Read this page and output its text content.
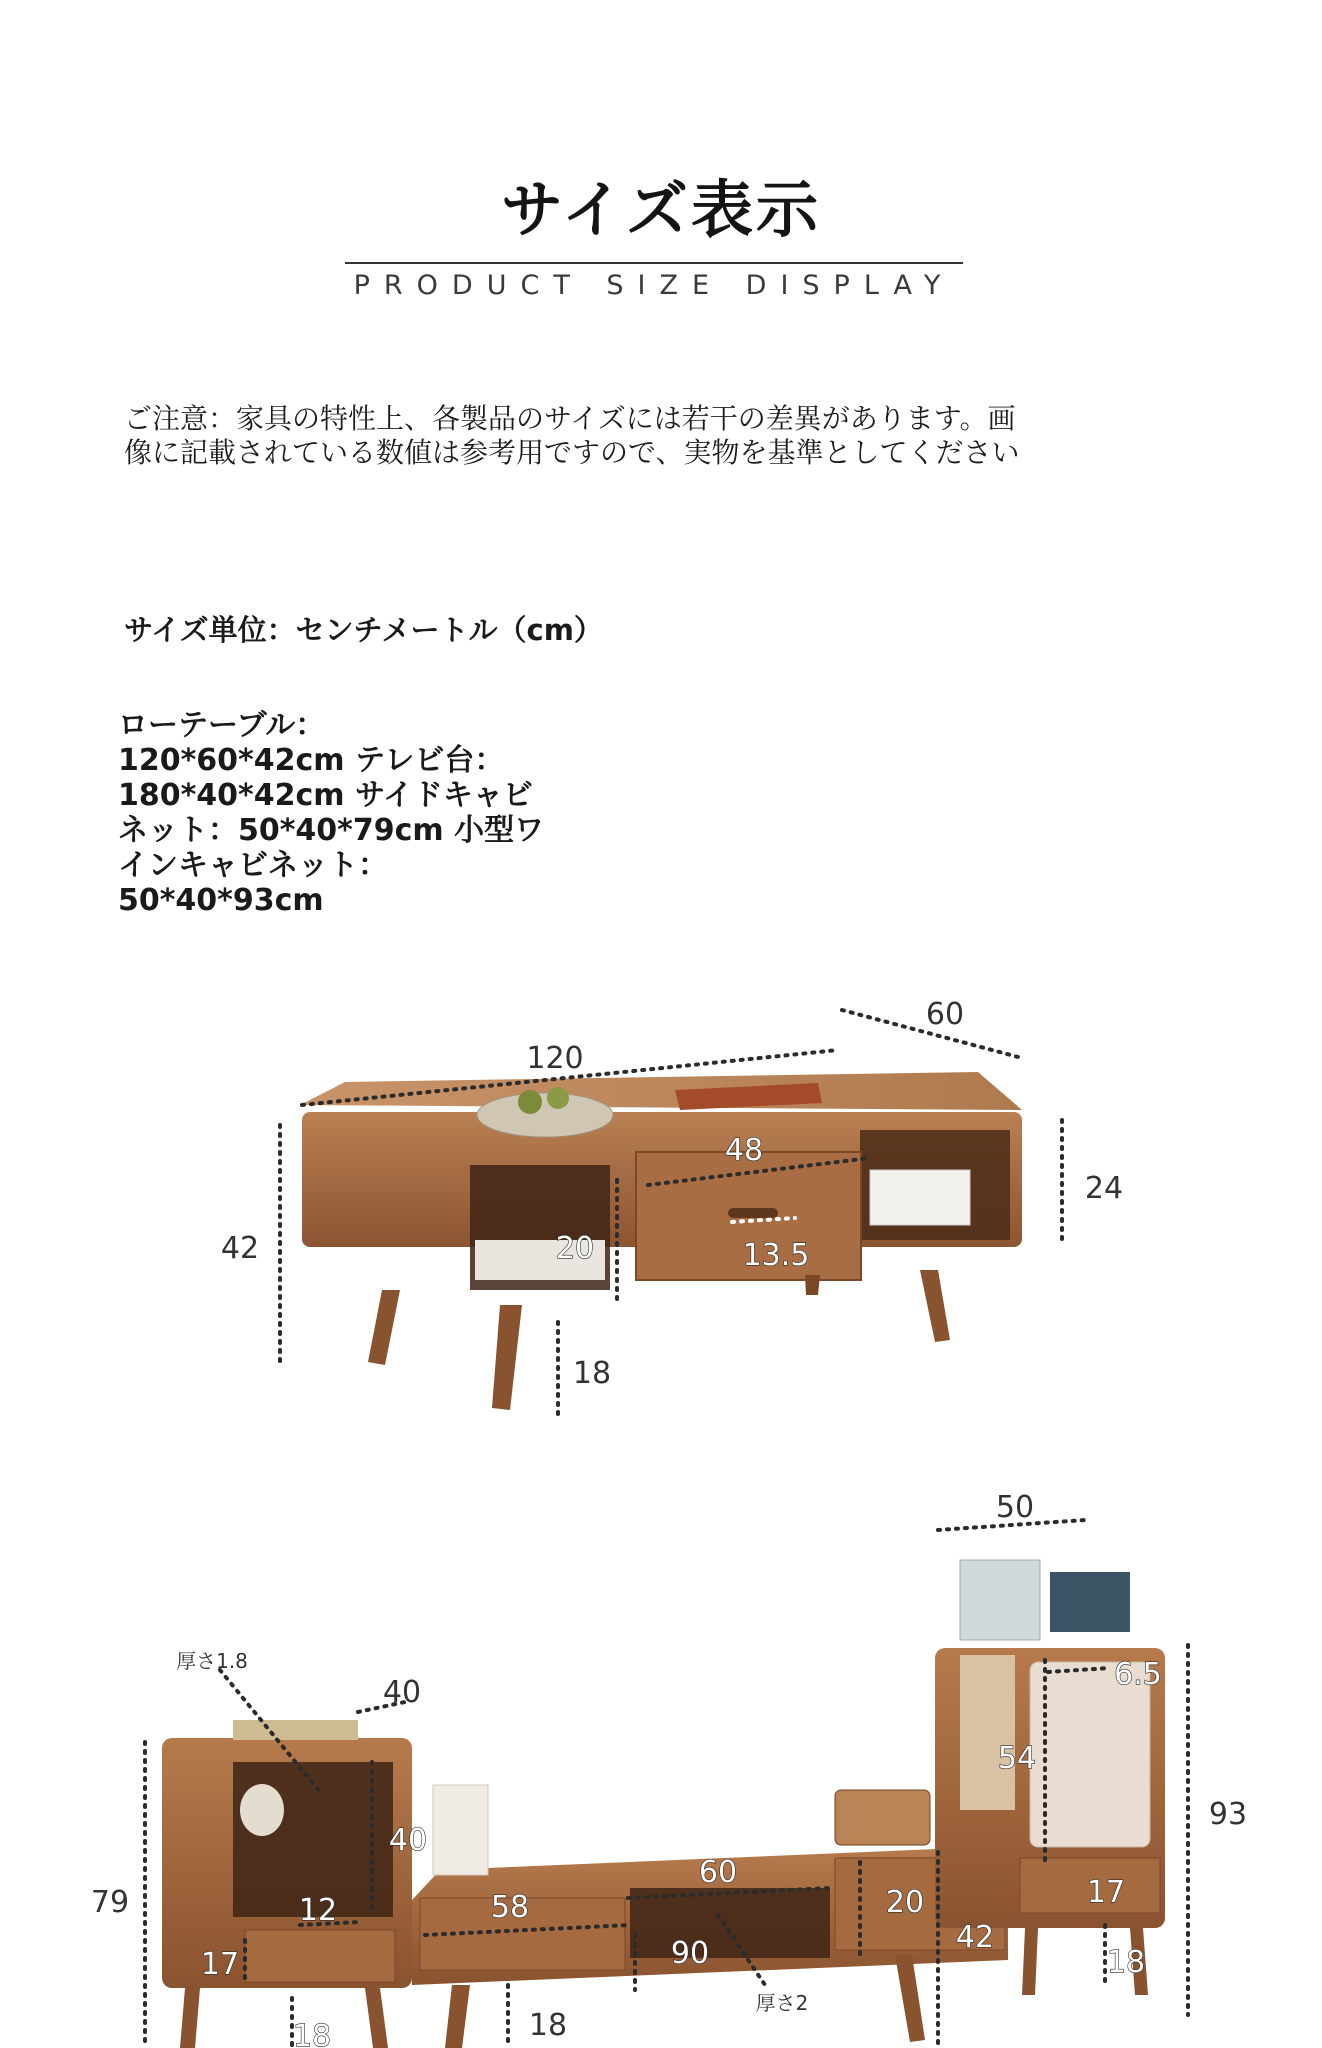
サイズ表示
PRODUCT SIZE DISPLAY
ご注意：家具の特性上、各製品のサイズには若干の差異があります。画像に記載されている数値は参考用ですので、実物を基準としてください
サイズ単位：センチメートル（cm）
ローテーブル：120*60*42cm テレビ台：180*40*42cm サイドキャビネット：50*40*79cm 小型ワインキャビネット：50*40*93cm
120
60
42
24
48
20	13.5
18
50
93
54
6.5
17
18
厚さ1.8
40
79
40
12
17
18	18
58
60
90
厚さ2
20
42
